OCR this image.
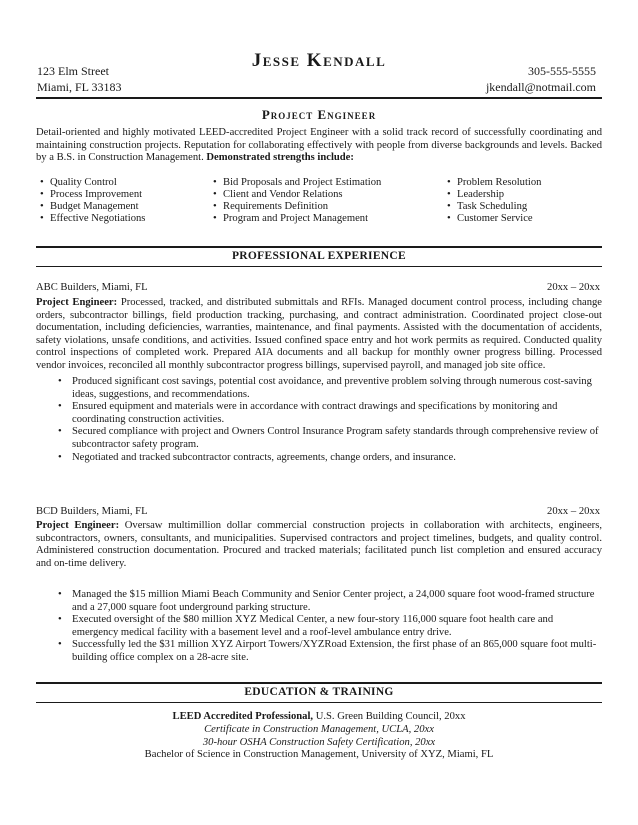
Jesse Kendall
123 Elm Street
Miami, FL 33183
305-555-5555
jkendall@notmail.com
Project Engineer
Detail-oriented and highly motivated LEED-accredited Project Engineer with a solid track record of successfully coordinating and maintaining construction projects. Reputation for collaborating effectively with people from diverse backgrounds and levels. Backed by a B.S. in Construction Management. Demonstrated strengths include:
• Quality Control
• Process Improvement
• Budget Management
• Effective Negotiations
• Bid Proposals and Project Estimation
• Client and Vendor Relations
• Requirements Definition
• Program and Project Management
• Problem Resolution
• Leadership
• Task Scheduling
• Customer Service
PROFESSIONAL EXPERIENCE
ABC Builders, Miami, FL	20xx – 20xx
Project Engineer: Processed, tracked, and distributed submittals and RFIs. Managed document control process, including change orders, subcontractor billings, field production tracking, purchasing, and contract administration. Coordinated project close-out documentation, including deficiencies, warranties, maintenance, and final payments. Assisted with the documentation of accidents, safety violations, unsafe conditions, and activities. Issued confined space entry and hot work permits as required. Conducted quality control inspections of completed work. Prepared AIA documents and all backup for monthly owner progress billing. Processed vendor invoices, reconciled all monthly subcontractor progress billings, supervised payroll, and managed job site office.
• Produced significant cost savings, potential cost avoidance, and preventive problem solving through numerous cost-saving ideas, suggestions, and recommendations.
• Ensured equipment and materials were in accordance with contract drawings and specifications by monitoring and coordinating construction activities.
• Secured compliance with project and Owners Control Insurance Program safety standards through comprehensive review of subcontractor safety program.
• Negotiated and tracked subcontractor contracts, agreements, change orders, and insurance.
BCD Builders, Miami, FL	20xx – 20xx
Project Engineer: Oversaw multimillion dollar commercial construction projects in collaboration with architects, engineers, subcontractors, owners, consultants, and municipalities. Supervised contractors and project timelines, budgets, and quality control. Administered construction documentation. Procured and tracked materials; facilitated punch list completion and ensured accuracy and on-time delivery.
• Managed the $15 million Miami Beach Community and Senior Center project, a 24,000 square foot wood-framed structure and a 27,000 square foot underground parking structure.
• Executed oversight of the $80 million XYZ Medical Center, a new four-story 116,000 square foot health care and emergency medical facility with a basement level and a roof-level ambulance entry drive.
• Successfully led the $31 million XYZ Airport Towers/XYZRoad Extension, the first phase of an 865,000 square foot multi-building office complex on a 28-acre site.
EDUCATION & TRAINING
LEED Accredited Professional, U.S. Green Building Council, 20xx
Certificate in Construction Management, UCLA, 20xx
30-hour OSHA Construction Safety Certification, 20xx
Bachelor of Science in Construction Management, University of XYZ, Miami, FL
